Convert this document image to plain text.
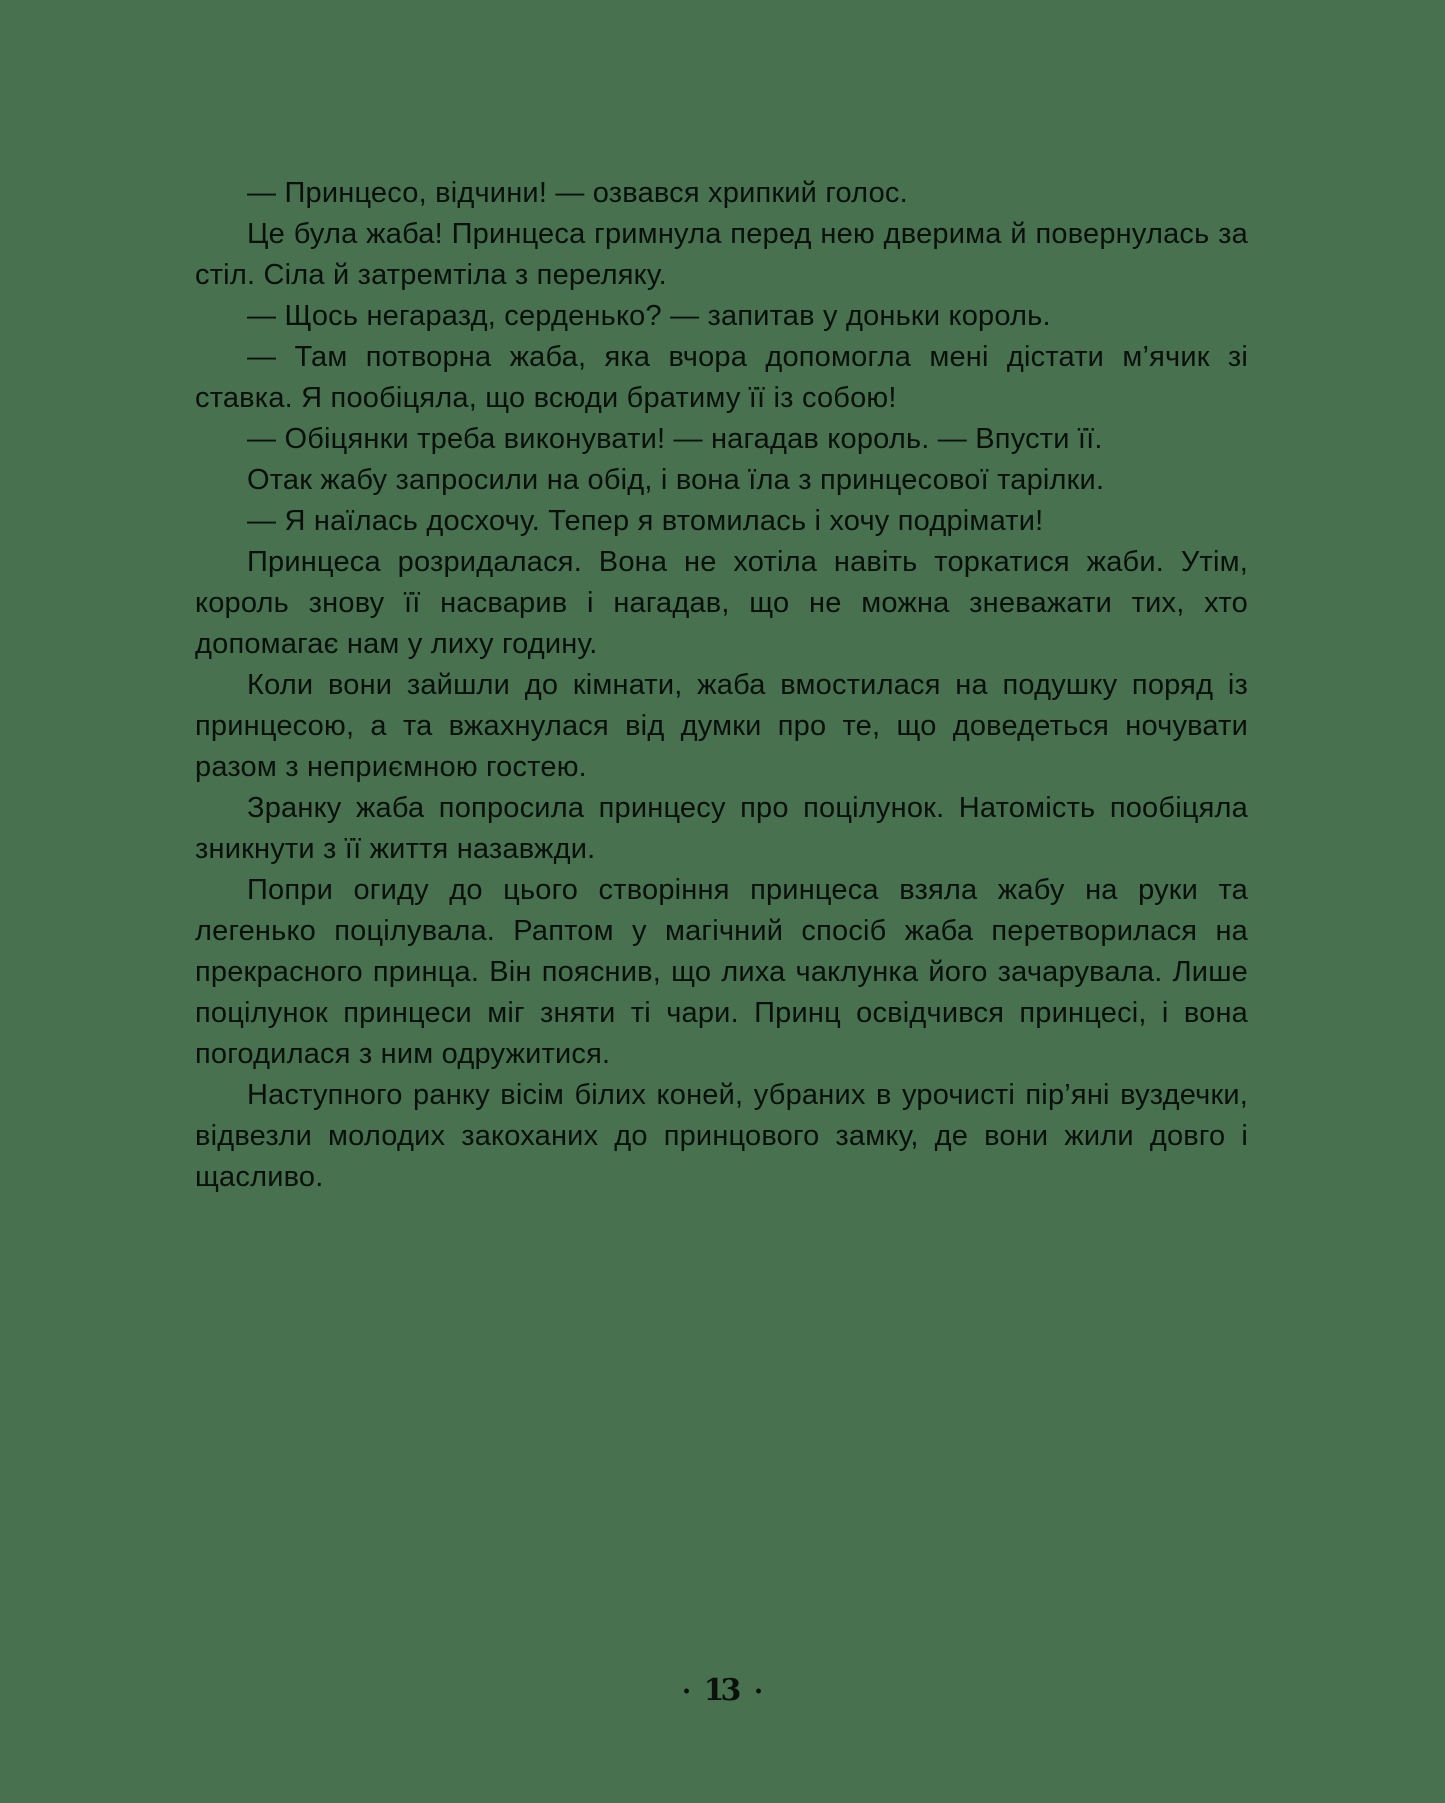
— Принцесо, відчини! — озвався хрипкий голос.

Це була жаба! Принцеса гримнула перед нею дверима й повернулась за стіл. Сіла й затремтіла з переляку.

— Щось негаразд, серденько? — запитав у доньки король.

— Там потворна жаба, яка вчора допомогла мені дістати м’ячик зі ставка. Я пообіцяла, що всюди братиму її із собою!

— Обіцянки треба виконувати! — нагадав король. — Впусти її.

Отак жабу запросили на обід, і вона їла з принцесової тарілки.

— Я наїлась досхочу. Тепер я втомилась і хочу подрімати!

Принцеса розридалася. Вона не хотіла навіть торкатися жаби. Утім, король знову її насварив і нагадав, що не можна зневажати тих, хто допомагає нам у лиху годину.

Коли вони зайшли до кімнати, жаба вмостилася на подушку поряд із принцесою, а та вжахнулася від думки про те, що доведеться ночувати разом з неприємною гостею.

Зранку жаба попросила принцесу про поцілунок. Натомість пообіцяла зникнути з її життя назавжди.

Попри огиду до цього створіння принцеса взяла жабу на руки та легенько поцілувала. Раптом у магічний спосіб жаба перетворилася на прекрасного принца. Він пояснив, що лиха чаклунка його зачарувала. Лише поцілунок принцеси міг зняти ті чари. Принц освідчився принцесі, і вона погодилася з ним одружитися.

Наступного ранку вісім білих коней, убраних в урочисті пір’яні вуздечки, відвезли молодих закоханих до принцового замку, де вони жили довго і щасливо.

• 13 •
